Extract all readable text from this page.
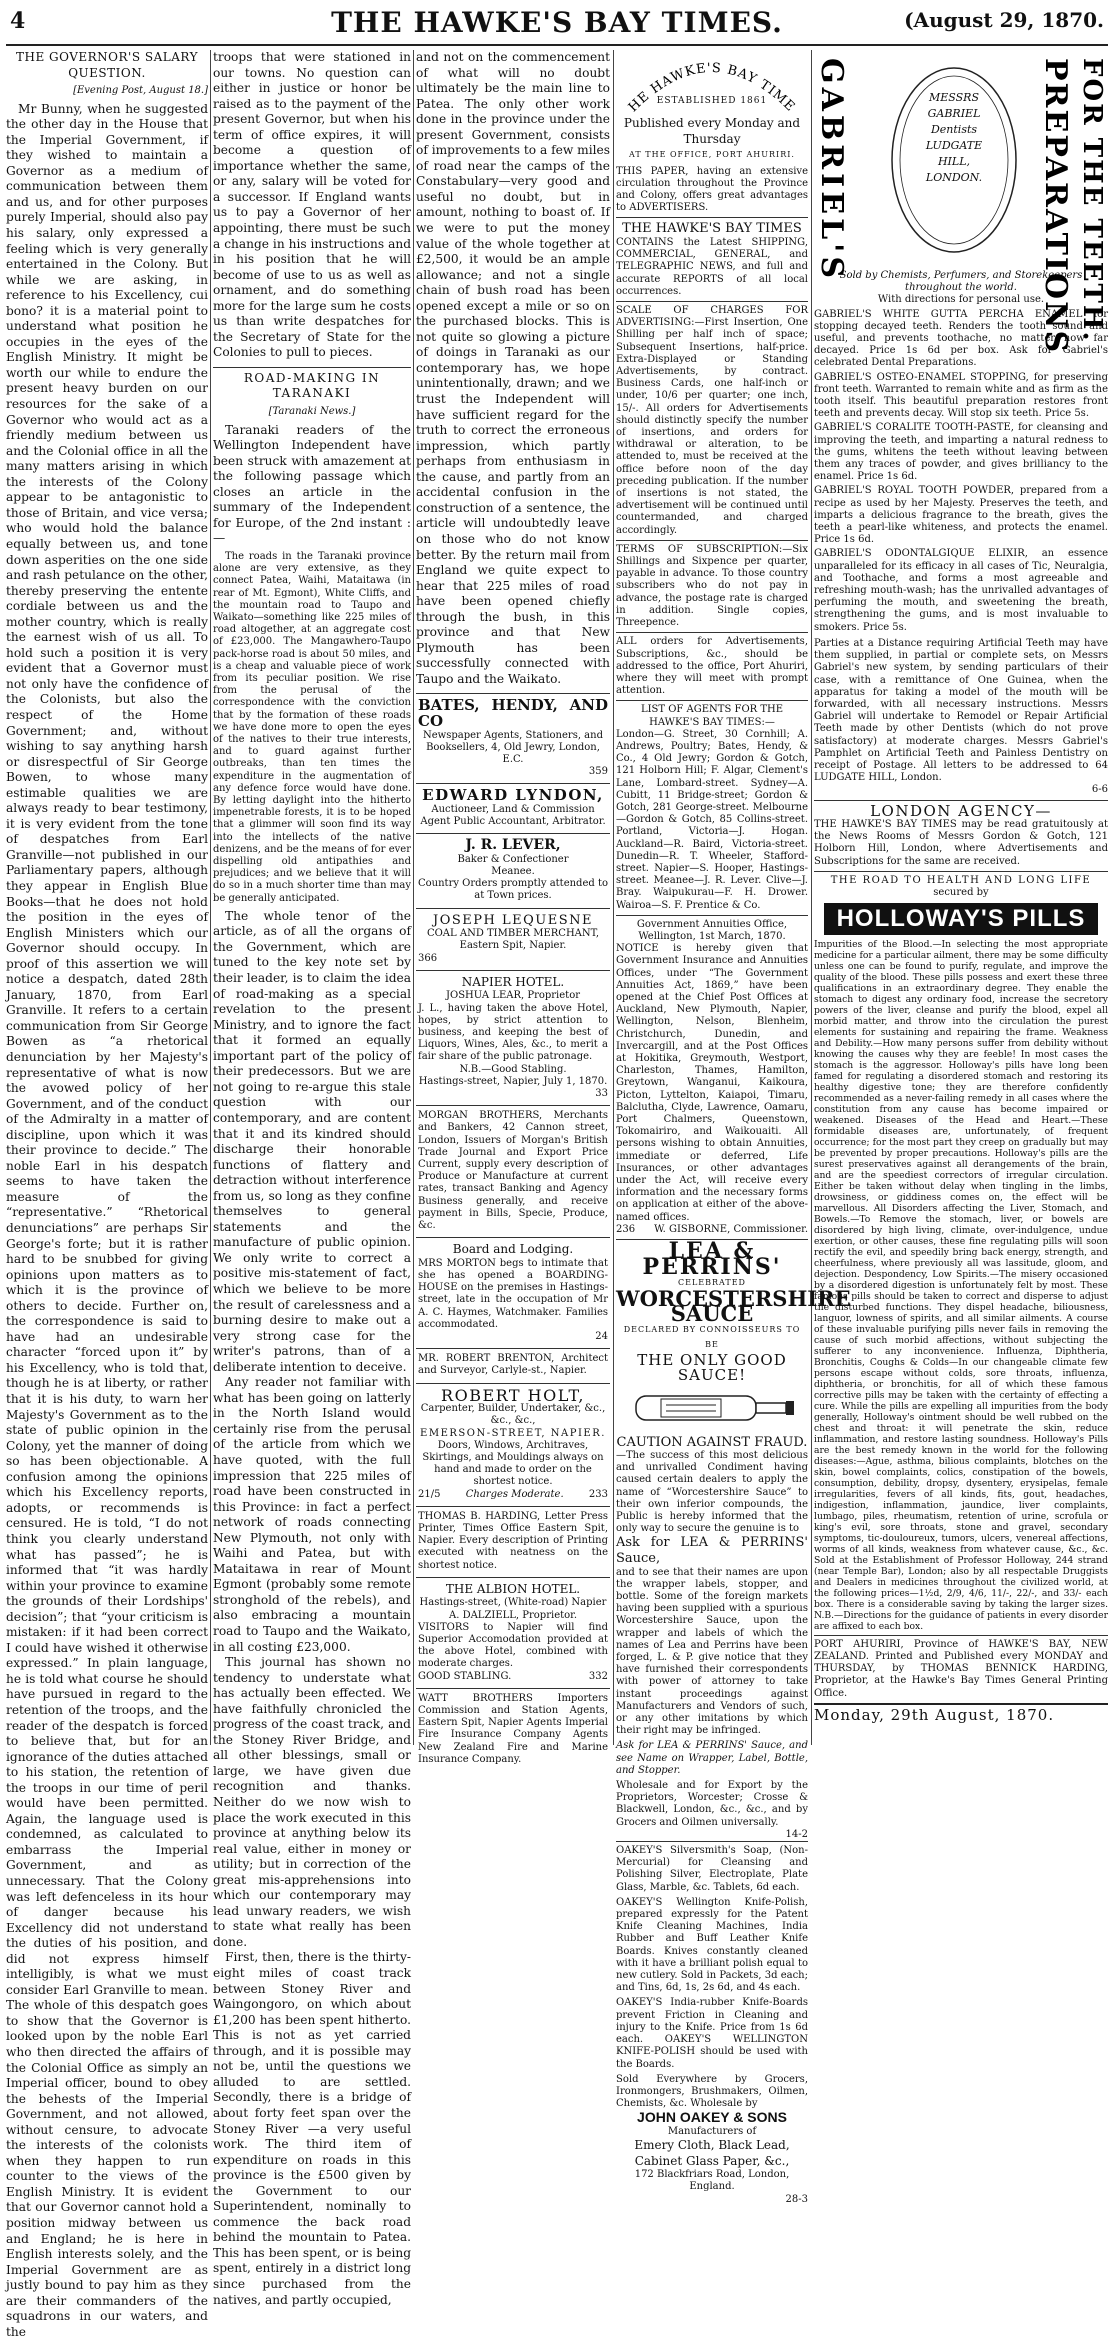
4	THE HAWKE'S BAY TIMES.	(August 29, 1870.
THE GOVERNOR'S SALARY QUESTION.
[Evening Post, August 18.]

Mr Bunny, when he suggested the other day in the House that the Imperial Government, if they wished to maintain a Governor as a medium of communication between them and us, and for other purposes purely Imperial, should also pay his salary, only expressed a feeling which is very generally entertained in the Colony. But while we are asking, in reference to his Excellency, cui bono? it is a material point to understand what position he occupies in the eyes of the English Ministry. It might be worth our while to endure the present heavy burden on our resources for the sake of a Governor who would act as a friendly medium between us and the Colonial office in all the many matters arising in which the interests of the Colony appear to be antagonistic to those of Britain, and vice versa; who would hold the balance equally between us, and tone down asperities on the one side and rash petulance on the other, thereby preserving the entente cordiale between us and the mother country, which is really the earnest wish of us all. To hold such a position it is very evident that a Governor must not only have the confidence of the Colonists, but also the respect of the Home Government; and, without wishing to say anything harsh or disrespectful of Sir George Bowen, to whose many estimable qualities we are always ready to bear testimony, it is very evident from the tone of despatches from Earl Granville—not published in our Parliamentary papers, although they appear in English Blue Books—that he does not hold the position in the eyes of English Ministers which our Governor should occupy. In proof of this assertion we will notice a despatch, dated 28th January, 1870, from Earl Granville. It refers to a certain communication from Sir George Bowen as “a rhetorical denunciation by her Majesty's representative of what is now the avowed policy of her Government, and of the conduct of the Admiralty in a matter of discipline, upon which it was their province to decide.” The noble Earl in his despatch seems to have taken the measure of the “representative.” “Rhetorical denunciations” are perhaps Sir George's forte; but it is rather hard to be snubbed for giving opinions upon matters as to which it is the province of others to decide. Further on, the correspondence is said to have had an undesirable character “forced upon it” by his Excellency, who is told that, though he is at liberty, or rather that it is his duty, to warn her Majesty's Government as to the state of public opinion in the Colony, yet the manner of doing so has been objectionable. A confusion among the opinions which his Excellency reports, adopts, or recommends is censured. He is told, “I do not think you clearly understand what has passed”; he is informed that “it was hardly within your province to examine the grounds of their Lordships' decision”; that “your criticism is mistaken: if it had been correct I could have wished it otherwise expressed.” In plain language, he is told what course he should have pursued in regard to the retention of the troops, and the reader of the despatch is forced to believe that, but for an ignorance of the duties attached to his station, the retention of the troops in our time of peril would have been permitted. Again, the language used is condemned, as calculated to embarrass the Imperial Government, and as unnecessary. That the Colony was left defenceless in its hour of danger because his Excellency did not understand the duties of his position, and did not express himself intelligibly, is what we must consider Earl Granville to mean. The whole of this despatch goes to show that the Governor is looked upon by the noble Earl who then directed the affairs of the Colonial Office as simply an Imperial officer, bound to obey the behests of the Imperial Government, and not allowed, without censure, to advocate the interests of the colonists when they happen to run counter to the views of the English Ministry. It is evident that our Governor cannot hold a position midway between us and England; he is here in English interests solely, and the Imperial Government are as justly bound to pay him as they are their commanders of the squadrons in our waters, and the

troops that were stationed in our towns. No question can either in justice or honor be raised as to the payment of the present Governor, but when his term of office expires, it will become a question of importance whether the same, or any, salary will be voted for a successor. If England wants us to pay a Governor of her appointing, there must be such a change in his instructions and in his position that he will become of use to us as well as ornament, and do something more for the large sum he costs us than write despatches for the Secretary of State for the Colonies to pull to pieces.

ROAD-MAKING IN TARANAKI
[Taranaki News.]

Taranaki readers of the Wellington Independent have been struck with amazement at the following passage which closes an article in the summary of the Independent for Europe, of the 2nd instant :—

The roads in the Taranaki province alone are very extensive, as they connect Patea, Waihi, Mataitawa (in rear of Mt. Egmont), White Cliffs, and the mountain road to Taupo and Waikato—something like 225 miles of road altogether, at an aggregate cost of £23,000. The Mangawhero-Taupo pack-horse road is about 50 miles, and is a cheap and valuable piece of work from its peculiar position. We rise from the perusal of the correspondence with the conviction that by the formation of these roads we have done more to open the eyes of the natives to their true interests, and to guard against further outbreaks, than ten times the expenditure in the augmentation of any defence force would have done. By letting daylight into the hitherto impenetrable forests, it is to be hoped that a glimmer will soon find its way into the intellects of the native denizens, and be the means of for ever dispelling old antipathies and prejudices; and we believe that it will do so in a much shorter time than may be generally anticipated.

The whole tenor of the article, as of all the organs of the Government, which are tuned to the key note set by their leader, is to claim the idea of road-making as a special revelation to the present Ministry, and to ignore the fact that it formed an equally important part of the policy of their predecessors. But we are not going to re-argue this stale question with our contemporary, and are content that it and its kindred should discharge their honorable functions of flattery and detraction without interference from us, so long as they confine themselves to general statements and the manufacture of public opinion. We only write to correct a positive mis-statement of fact, which we believe to be more the result of carelessness and a burning desire to make out a very strong case for the writer's patrons, than of a deliberate intention to deceive.

Any reader not familiar with what has been going on latterly in the North Island would certainly rise from the perusal of the article from which we have quoted, with the full impression that 225 miles of road have been constructed in this Province: in fact a perfect network of roads connecting New Plymouth, not only with Waihi and Patea, but with Mataitawa in rear of Mount Egmont (probably some remote stronghold of the rebels), and also embracing a mountain road to Taupo and the Waikato, in all costing £23,000.

This journal has shown no tendency to understate what has actually been effected. We have faithfully chronicled the progress of the coast track, and the Stoney River Bridge, and all other blessings, small or large, we have given due recognition and thanks. Neither do we now wish to place the work executed in this province at anything below its real value, either in money or utility; but in correction of the great mis-apprehensions into which our contemporary may lead unwary readers, we wish to state what really has been done.

First, then, there is the thirty-eight miles of coast track between Stoney River and Waingongoro, on which about £1,200 has been spent hitherto. This is not as yet carried through, and it is possible may not be, until the questions we alluded to are settled. Secondly, there is a bridge of about forty feet span over the Stoney River —a very useful work. The third item of expenditure on roads in this province is the £500 given by the Government to our Superintendent, nominally to commence the back road behind the mountain to Patea. This has been spent, or is being spent, entirely in a district long since purchased from the natives, and partly occupied,

and not on the commencement of what will no doubt ultimately be the main line to Patea. The only other work done in the province under the present Government, consists of improvements to a few miles of road near the camps of the Constabulary—very good and useful no doubt, but in amount, nothing to boast of. If we were to put the money value of the whole together at £2,500, it would be an ample allowance; and not a single chain of bush road has been opened except a mile or so on the purchased blocks. This is not quite so glowing a picture of doings in Taranaki as our contemporary has, we hope unintentionally, drawn; and we trust the Independent will have sufficient regard for the truth to correct the erroneous impression, which partly perhaps from enthusiasm in the cause, and partly from an accidental confusion in the construction of a sentence, the article will undoubtedly leave on those who do not know better. By the return mail from England we quite expect to hear that 225 miles of road have been opened chiefly through the bush, in this province and that New Plymouth has been successfully connected with Taupo and the Waikato.

BATES, HENDY, AND CO
Newspaper Agents, Stationers, and Booksellers, 4, Old Jewry, London, E.C.
359
EDWARD LYNDON,
Auctioneer, Land & Commission Agent Public Accountant, Arbitrator.
J. R. LEVER,
Baker & Confectioner
Meanee.
Country Orders promptly attended to at Town prices.
JOSEPH LEQUESNE
COAL AND TIMBER MERCHANT,
Eastern Spit, Napier.
366
NAPIER HOTEL.
JOSHUA LEAR, Proprietor
J. L., having taken the above Hotel, hopes, by strict attention to business, and keeping the best of Liquors, Wines, Ales, &c., to merit a fair share of the public patronage.
N.B.—Good Stabling.
Hastings-street, Napier, July 1, 1870.
33
MORGAN BROTHERS, Merchants and Bankers, 42 Cannon street, London, Issuers of Morgan's British Trade Journal and Export Price Current, supply every description of Produce or Manufacture at current rates, transact Banking and Agency Business generally, and receive payment in Bills, Specie, Produce, &c.
Board and Lodging.
MRS MORTON begs to intimate that she has opened a BOARDING-HOUSE on the premises in Hastings-street, late in the occupation of Mr A. C. Haymes, Watchmaker. Families accommodated.
24
MR. ROBERT BRENTON, Architect and Surveyor, Carlyle-st., Napier.
ROBERT HOLT,
Carpenter, Builder, Undertaker, &c., &c., &c.,
EMERSON-STREET, NAPIER.
Doors, Windows, Architraves, Skirtings, and Mouldings always on hand and made to order on the shortest notice.
21/5	Charges Moderate.	233
THOMAS B. HARDING, Letter Press Printer, Times Office Eastern Spit, Napier. Every description of Printing executed with neatness on the shortest notice.
THE ALBION HOTEL.
Hastings-street, (White-road) Napier
A. DALZIELL, Proprietor.
VISITORS to Napier will find Superior Accomodation provided at the above Hotel, combined with moderate charges.
GOOD STABLING.	332
WATT BROTHERS Importers Commission and Station Agents, Eastern Spit, Napier Agents Imperial Fire Insurance Company Agents New Zealand Fire and Marine Insurance Company.
HE HAWKE'S BAY TIME
ESTABLISHED 1861
Published every Monday and Thursday
AT THE OFFICE, PORT AHURIRI.
THIS PAPER, having an extensive circulation throughout the Province and Colony, offers great advantages to ADVERTISERS.
THE HAWKE'S BAY TIMES
CONTAINS the Latest SHIPPING, COMMERCIAL, GENERAL, and TELEGRAPHIC NEWS, and full and accurate REPORTS of all local occurrences.
SCALE OF CHARGES FOR ADVERTISING:—First Insertion, One Shilling per half inch of space; Subsequent Insertions, half-price. Extra-Displayed or Standing Advertisements, by contract. Business Cards, one half-inch or under, 10/6 per quarter; one inch, 15/-. All orders for Advertisements should distinctly specify the number of insertions, and orders for withdrawal or alteration, to be attended to, must be received at the office before noon of the day preceding publication. If the number of insertions is not stated, the advertisement will be continued until countermanded, and charged accordingly.
TERMS OF SUBSCRIPTION:—Six Shillings and Sixpence per quarter, payable in advance. To those country subscribers who do not pay in advance, the postage rate is charged in addition. Single copies, Threepence.
ALL orders for Advertisements, Subscriptions, &c., should be addressed to the office, Port Ahuriri, where they will meet with prompt attention.
LIST OF AGENTS FOR THE HAWKE'S BAY TIMES:—
London—G. Street, 30 Cornhill; A. Andrews, Poultry; Bates, Hendy, & Co., 4 Old Jewry; Gordon & Gotch, 121 Holborn Hill; F. Algar, Clement's Lane, Lombard-street. Sydney—A. Cubitt, 11 Bridge-street; Gordon & Gotch, 281 George-street. Melbourne—Gordon & Gotch, 85 Collins-street. Portland, Victoria—J. Hogan. Auckland—R. Baird, Victoria-street. Dunedin—R. T. Wheeler, Stafford-street. Napier—S. Hooper, Hastings-street. Meanee—J. R. Lever. Clive—J. Bray. Waipukurau—F. H. Drower. Wairoa—S. F. Prentice & Co.
Government Annuities Office, Wellington, 1st March, 1870.
NOTICE is hereby given that Government Insurance and Annuities Offices, under “The Government Annuities Act, 1869,” have been opened at the Chief Post Offices at Auckland, New Plymouth, Napier, Wellington, Nelson, Blenheim, Christchurch, Dunedin, and Invercargill, and at the Post Offices at Hokitika, Greymouth, Westport, Charleston, Thames, Hamilton, Greytown, Wanganui, Kaikoura, Picton, Lyttelton, Kaiapoi, Timaru, Balclutha, Clyde, Lawrence, Oamaru, Port Chalmers, Queenstown, Tokomairiro, and Waikouaiti. All persons wishing to obtain Annuities, immediate or deferred, Life Insurances, or other advantages under the Act, will receive every information and the necessary forms on application at either of the above-named offices.
236 W. GISBORNE, Commissioner.
LEA & PERRINS'
CELEBRATED
WORCESTERSHIRE SAUCE
DECLARED BY CONNOISSEURS TO BE
THE ONLY GOOD SAUCE!
CAUTION AGAINST FRAUD.
—The success of this most delicious and unrivalled Condiment having caused certain dealers to apply the name of “Worcestershire Sauce” to their own inferior compounds, the Public is hereby informed that the only way to secure the genuine is to
Ask for LEA & PERRINS' Sauce,
and to see that their names are upon the wrapper labels, stopper, and bottle. Some of the foreign markets having been supplied with a spurious Worcestershire Sauce, upon the wrapper and labels of which the names of Lea and Perrins have been forged, L. & P. give notice that they have furnished their correspondents with power of attorney to take instant proceedings against Manufacturers and Vendors of such, or any other imitations by which their right may be infringed.
Ask for LEA & PERRINS' Sauce, and see Name on Wrapper, Label, Bottle, and Stopper.
Wholesale and for Export by the Proprietors, Worcester; Crosse & Blackwell, London, &c., &c., and by Grocers and Oilmen universally.
14-2
OAKEY'S Silversmith's Soap, (Non-Mercurial) for Cleansing and Polishing Silver, Electroplate, Plate Glass, Marble, &c. Tablets, 6d each.
OAKEY'S Wellington Knife-Polish, prepared expressly for the Patent Knife Cleaning Machines, India Rubber and Buff Leather Knife Boards. Knives constantly cleaned with it have a brilliant polish equal to new cutlery. Sold in Packets, 3d each; and Tins, 6d, 1s, 2s 6d, and 4s each.
OAKEY'S India-rubber Knife-Boards prevent Friction in Cleaning and injury to the Knife. Price from 1s 6d each. OAKEY'S WELLINGTON KNIFE-POLISH should be used with the Boards.
Sold Everywhere by Grocers, Ironmongers, Brushmakers, Oilmen, Chemists, &c. Wholesale by
JOHN OAKEY & SONS
Manufacturers of
Emery Cloth, Black Lead, Cabinet Glass Paper, &c.,
172 Blackfriars Road, London, England.
28-3
GABRIEL'S	PREPARATIONS FOR THE TEETH.
MESSRS GABRIEL Dentists LUDGATE HILL, LONDON.
Sold by Chemists, Perfumers, and Storekeepers throughout the world.
With directions for personal use.
GABRIEL'S WHITE GUTTA PERCHA ENAMEL for stopping decayed teeth. Renders the tooth sound and useful, and prevents toothache, no matter how far decayed. Price 1s 6d per box. Ask for Gabriel's celebrated Dental Preparations.
GABRIEL'S OSTEO-ENAMEL STOPPING, for preserving front teeth. Warranted to remain white and as firm as the tooth itself. This beautiful preparation restores front teeth and prevents decay. Will stop six teeth. Price 5s.
GABRIEL'S CORALITE TOOTH-PASTE, for cleansing and improving the teeth, and imparting a natural redness to the gums, whitens the teeth without leaving between them any traces of powder, and gives brilliancy to the enamel. Price 1s 6d.
GABRIEL'S ROYAL TOOTH POWDER, prepared from a recipe as used by her Majesty. Preserves the teeth, and imparts a delicious fragrance to the breath, gives the teeth a pearl-like whiteness, and protects the enamel. Price 1s 6d.
GABRIEL'S ODONTALGIQUE ELIXIR, an essence unparalleled for its efficacy in all cases of Tic, Neuralgia, and Toothache, and forms a most agreeable and refreshing mouth-wash; has the unrivalled advantages of perfuming the mouth, and sweetening the breath, strengthening the gums, and is most invaluable to smokers. Price 5s.
Parties at a Distance requiring Artificial Teeth may have them supplied, in partial or complete sets, on Messrs Gabriel's new system, by sending particulars of their case, with a remittance of One Guinea, when the apparatus for taking a model of the mouth will be forwarded, with all necessary instructions. Messrs Gabriel will undertake to Remodel or Repair Artificial Teeth made by other Dentists (which do not prove satisfactory) at moderate charges. Messrs Gabriel's Pamphlet on Artificial Teeth and Painless Dentistry on receipt of Postage. All letters to be addressed to 64 LUDGATE HILL, London.
6-6
LONDON AGENCY—
THE HAWKE'S BAY TIMES may be read gratuitously at the News Rooms of Messrs Gordon & Gotch, 121 Holborn Hill, London, where Advertisements and Subscriptions for the same are received.
THE ROAD TO HEALTH AND LONG LIFE
secured by
HOLLOWAY'S PILLS
Impurities of the Blood.—In selecting the most appropriate medicine for a particular ailment, there may be some difficulty unless one can be found to purify, regulate, and improve the quality of the blood. These pills possess and exert these three qualifications in an extraordinary degree. They enable the stomach to digest any ordinary food, increase the secretory powers of the liver, cleanse and purify the blood, expel all morbid matter, and throw into the circulation the purest elements for sustaining and repairing the frame. Weakness and Debility.—How many persons suffer from debility without knowing the causes why they are feeble! In most cases the stomach is the aggressor. Holloway's pills have long been famed for regulating a disordered stomach and restoring its healthy digestive tone; they are therefore confidently recommended as a never-failing remedy in all cases where the constitution from any cause has become impaired or weakened. Diseases of the Head and Heart.—These formidable diseases are, unfortunately, of frequent occurrence; for the most part they creep on gradually but may be prevented by proper precautions. Holloway's pills are the surest preservatives against all derangements of the brain, and are the speediest correctors of irregular circulation. Either be taken without delay when tingling in the limbs, drowsiness, or giddiness comes on, the effect will be marvellous. All Disorders affecting the Liver, Stomach, and Bowels.—To Remove the stomach, liver, or bowels are disordered by high living, climate, over-indulgence, undue exertion, or other causes, these fine regulating pills will soon rectify the evil, and speedily bring back energy, strength, and cheerfulness, where previously all was lassitude, gloom, and dejection. Despondency, Low Spirits.—The misery occasioned by a disordered digestion is unfortunately felt by most. These famous pills should be taken to correct and disperse to adjust the disturbed functions. They dispel headache, biliousness, languor, lowness of spirits, and all similar ailments. A course of these invaluable purifying pills never fails in removing the cause of such morbid affections, without subjecting the sufferer to any inconvenience. Influenza, Diphtheria, Bronchitis, Coughs & Colds—In our changeable climate few persons escape without colds, sore throats, influenza, diphtheria, or bronchitis, for all of which these famous corrective pills may be taken with the certainty of effecting a cure. While the pills are expelling all impurities from the body generally, Holloway's ointment should be well rubbed on the chest and throat: it will penetrate the skin, reduce inflammation, and restore lasting soundness. Holloway's Pills are the best remedy known in the world for the following diseases:—Ague, asthma, bilious complaints, blotches on the skin, bowel complaints, colics, constipation of the bowels, consumption, debility, dropsy, dysentery, erysipelas, female irregularities, fevers of all kinds, fits, gout, headaches, indigestion, inflammation, jaundice, liver complaints, lumbago, piles, rheumatism, retention of urine, scrofula or king's evil, sore throats, stone and gravel, secondary symptoms, tic-douloureux, tumors, ulcers, venereal affections, worms of all kinds, weakness from whatever cause, &c., &c. Sold at the Establishment of Professor Holloway, 244 strand (near Temple Bar), London; also by all respectable Druggists and Dealers in medicines throughout the civilized world, at the following prices—1½d, 2/9, 4/6, 11/-, 22/-, and 33/- each box. There is a considerable saving by taking the larger sizes. N.B.—Directions for the guidance of patients in every disorder are affixed to each box.
PORT AHURIRI, Province of HAWKE'S BAY, NEW ZEALAND. Printed and Published every MONDAY and THURSDAY, by THOMAS BENNICK HARDING, Proprietor, at the Hawke's Bay Times General Printing Office.
Monday, 29th August, 1870.
